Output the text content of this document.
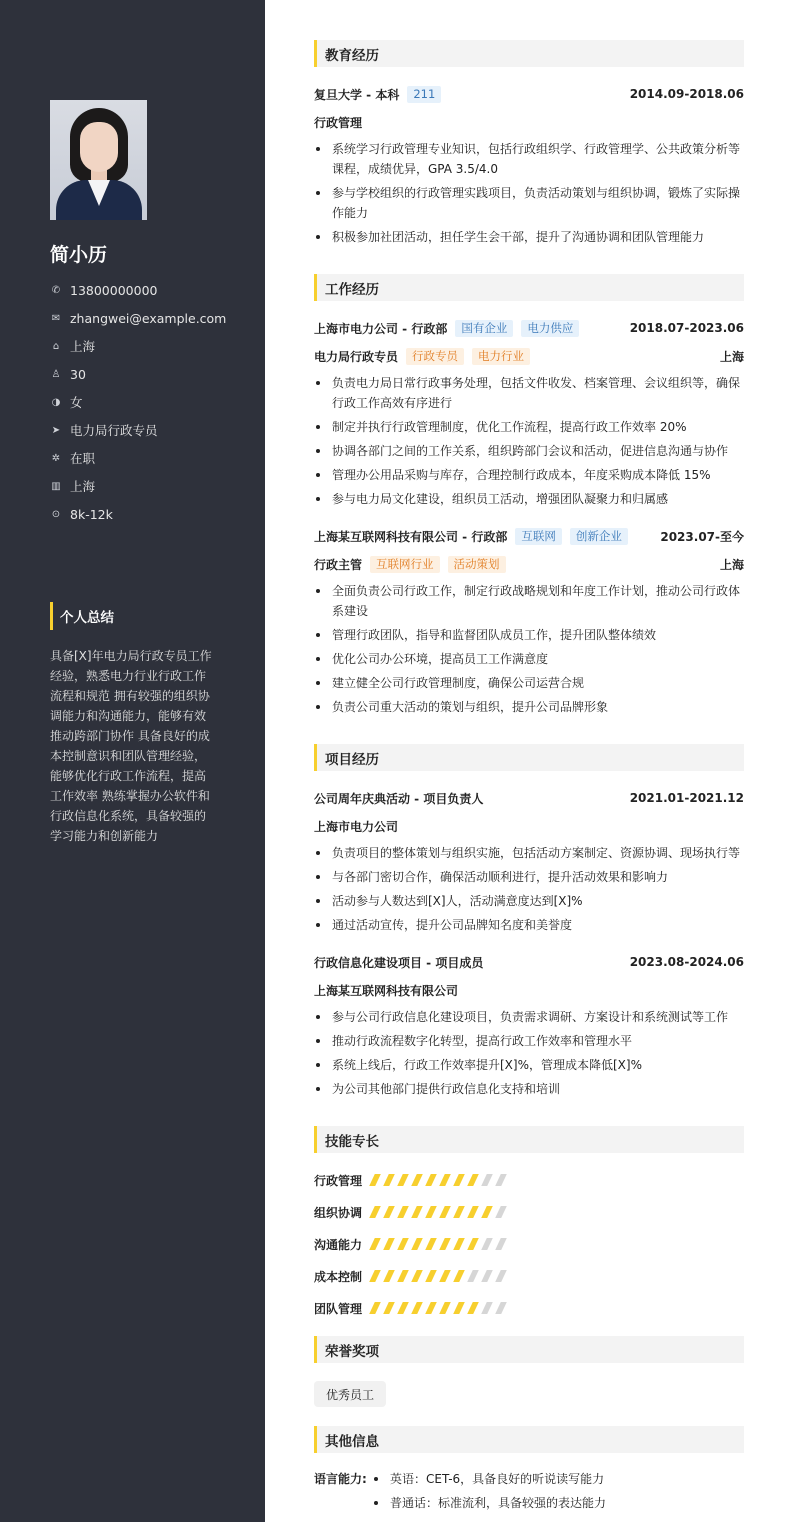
简小历
✆ 13800000000
✉ zhangwei@example.com
⌂ 上海
♙ 30
◑ 女
➤ 电力局行政专员
✲ 在职
▥ 上海
⊙ 8k-12k
个人总结
具备[X]年电力局行政专员工作经验，熟悉电力行业行政工作流程和规范 拥有较强的组织协调能力和沟通能力，能够有效推动跨部门协作 具备良好的成本控制意识和团队管理经验，能够优化行政工作流程，提高工作效率 熟练掌握办公软件和行政信息化系统，具备较强的学习能力和创新能力
教育经历
复旦大学 - 本科	211	2014.09-2018.06
行政管理
系统学习行政管理专业知识，包括行政组织学、行政管理学、公共政策分析等课程，成绩优异，GPA 3.5/4.0
参与学校组织的行政管理实践项目，负责活动策划与组织协调，锻炼了实际操作能力
积极参加社团活动，担任学生会干部，提升了沟通协调和团队管理能力
工作经历
上海市电力公司 - 行政部	国有企业	电力供应	2018.07-2023.06
电力局行政专员	行政专员	电力行业	上海
负责电力局日常行政事务处理，包括文件收发、档案管理、会议组织等，确保行政工作高效有序进行
制定并执行行政管理制度，优化工作流程，提高行政工作效率 20%
协调各部门之间的工作关系，组织跨部门会议和活动，促进信息沟通与协作
管理办公用品采购与库存，合理控制行政成本，年度采购成本降低 15%
参与电力局文化建设，组织员工活动，增强团队凝聚力和归属感
上海某互联网科技有限公司 - 行政部	互联网	创新企业	2023.07-至今
行政主管	互联网行业	活动策划	上海
全面负责公司行政工作，制定行政战略规划和年度工作计划，推动公司行政体系建设
管理行政团队，指导和监督团队成员工作，提升团队整体绩效
优化公司办公环境，提高员工工作满意度
建立健全公司行政管理制度，确保公司运营合规
负责公司重大活动的策划与组织，提升公司品牌形象
项目经历
公司周年庆典活动 - 项目负责人	2021.01-2021.12
上海市电力公司
负责项目的整体策划与组织实施，包括活动方案制定、资源协调、现场执行等
与各部门密切合作，确保活动顺利进行，提升活动效果和影响力
活动参与人数达到[X]人，活动满意度达到[X]%
通过活动宣传，提升公司品牌知名度和美誉度
行政信息化建设项目 - 项目成员	2023.08-2024.06
上海某互联网科技有限公司
参与公司行政信息化建设项目，负责需求调研、方案设计和系统测试等工作
推动行政流程数字化转型，提高行政工作效率和管理水平
系统上线后，行政工作效率提升[X]%，管理成本降低[X]%
为公司其他部门提供行政信息化支持和培训
技能专长
行政管理
组织协调
沟通能力
成本控制
团队管理
荣誉奖项
优秀员工
其他信息
语言能力:	英语：CET-6，具备良好的听说读写能力
普通话：标准流利，具备较强的表达能力
